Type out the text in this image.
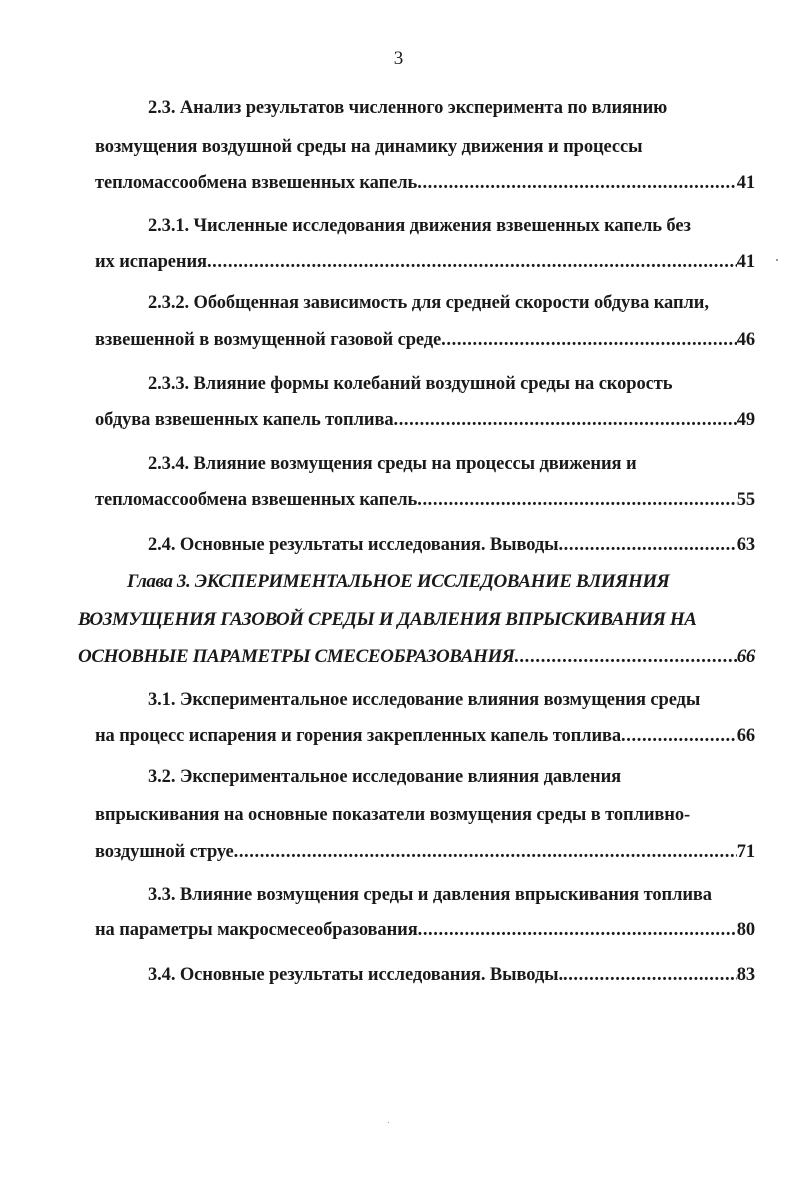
3
2.3. Анализ результатов численного эксперимента по влиянию
возмущения воздушной среды на динамику движения и процессы
тепломассообмена взвешенных капель .....	41
2.3.1. Численные исследования движения взвешенных капель без
их испарения .....	41
2.3.2. Обобщенная зависимость для средней скорости обдува капли,
взвешенной в возмущенной газовой среде .....	46
2.3.3. Влияние формы колебаний воздушной среды на скорость
обдува взвешенных капель топлива .....	49
2.3.4. Влияние возмущения среды на процессы движения и
тепломассообмена взвешенных капель .....	55
2.4. Основные результаты исследования. Выводы .....	63
Глава 3. ЭКСПЕРИМЕНТАЛЬНОЕ ИССЛЕДОВАНИЕ ВЛИЯНИЯ
ВОЗМУЩЕНИЯ ГАЗОВОЙ СРЕДЫ И ДАВЛЕНИЯ ВПРЫСКИВАНИЯ НА
ОСНОВНЫЕ ПАРАМЕТРЫ СМЕСЕОБРАЗОВАНИЯ .....	66
3.1. Экспериментальное исследование влияния возмущения среды
на процесс испарения и горения закрепленных капель топлива .....	66
3.2. Экспериментальное исследование влияния давления
впрыскивания на основные показатели возмущения среды в топливно-
воздушной струе .....	71
3.3. Влияние возмущения среды и давления впрыскивания топлива
на параметры макросмесеобразования .....	80
3.4. Основные результаты исследования. Выводы. .....	83
